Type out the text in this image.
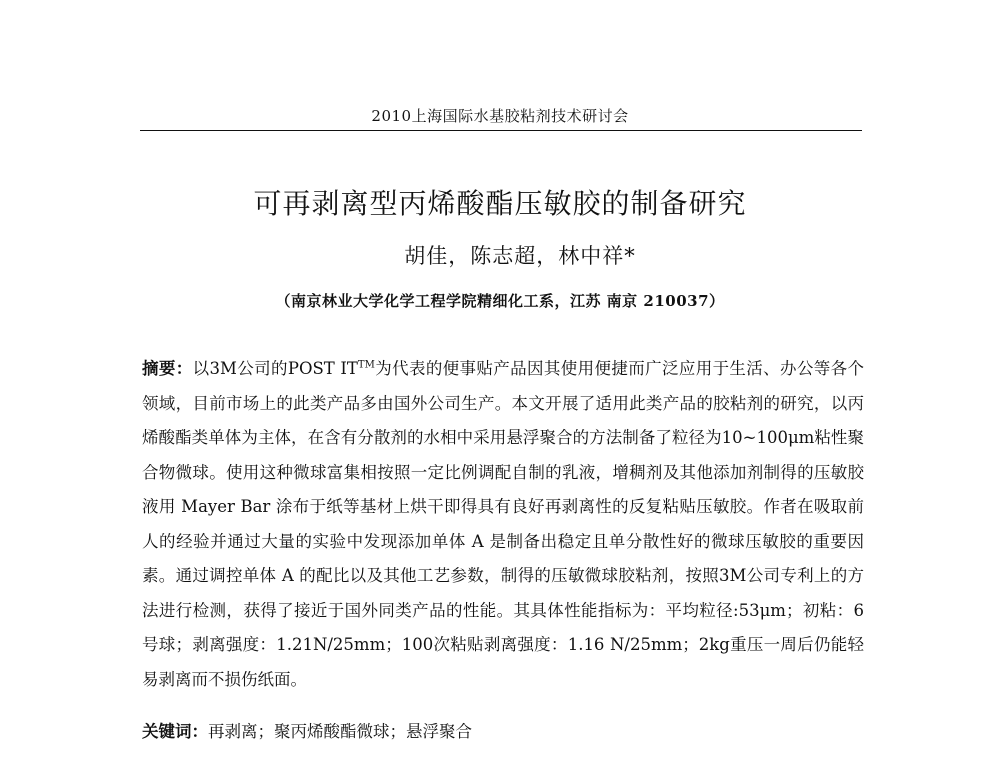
2010上海国际水基胶粘剂技术研讨会
可再剥离型丙烯酸酯压敏胶的制备研究
胡佳，陈志超，林中祥*
（南京林业大学化学工程学院精细化工系，江苏 南京 210037）

摘要：以3M公司的POST IT™为代表的便事贴产品因其使用便捷而广泛应用于生活、办公等各个领域，目前市场上的此类产品多由国外公司生产。本文开展了适用此类产品的胶粘剂的研究，以丙烯酸酯类单体为主体，在含有分散剂的水相中采用悬浮聚合的方法制备了粒径为10~100μm粘性聚合物微球。使用这种微球富集相按照一定比例调配自制的乳液，增稠剂及其他添加剂制得的压敏胶液用 Mayer Bar 涂布于纸等基材上烘干即得具有良好再剥离性的反复粘贴压敏胶。作者在吸取前人的经验并通过大量的实验中发现添加单体 A 是制备出稳定且单分散性好的微球压敏胶的重要因素。通过调控单体 A 的配比以及其他工艺参数，制得的压敏微球胶粘剂，按照3M公司专利上的方法进行检测，获得了接近于国外同类产品的性能。其具体性能指标为：平均粒径:53μm；初粘：6号球；剥离强度：1.21N/25mm；100次粘贴剥离强度：1.16 N/25mm；2kg重压一周后仍能轻易剥离而不损伤纸面。

关键词：再剥离；聚丙烯酸酯微球；悬浮聚合
